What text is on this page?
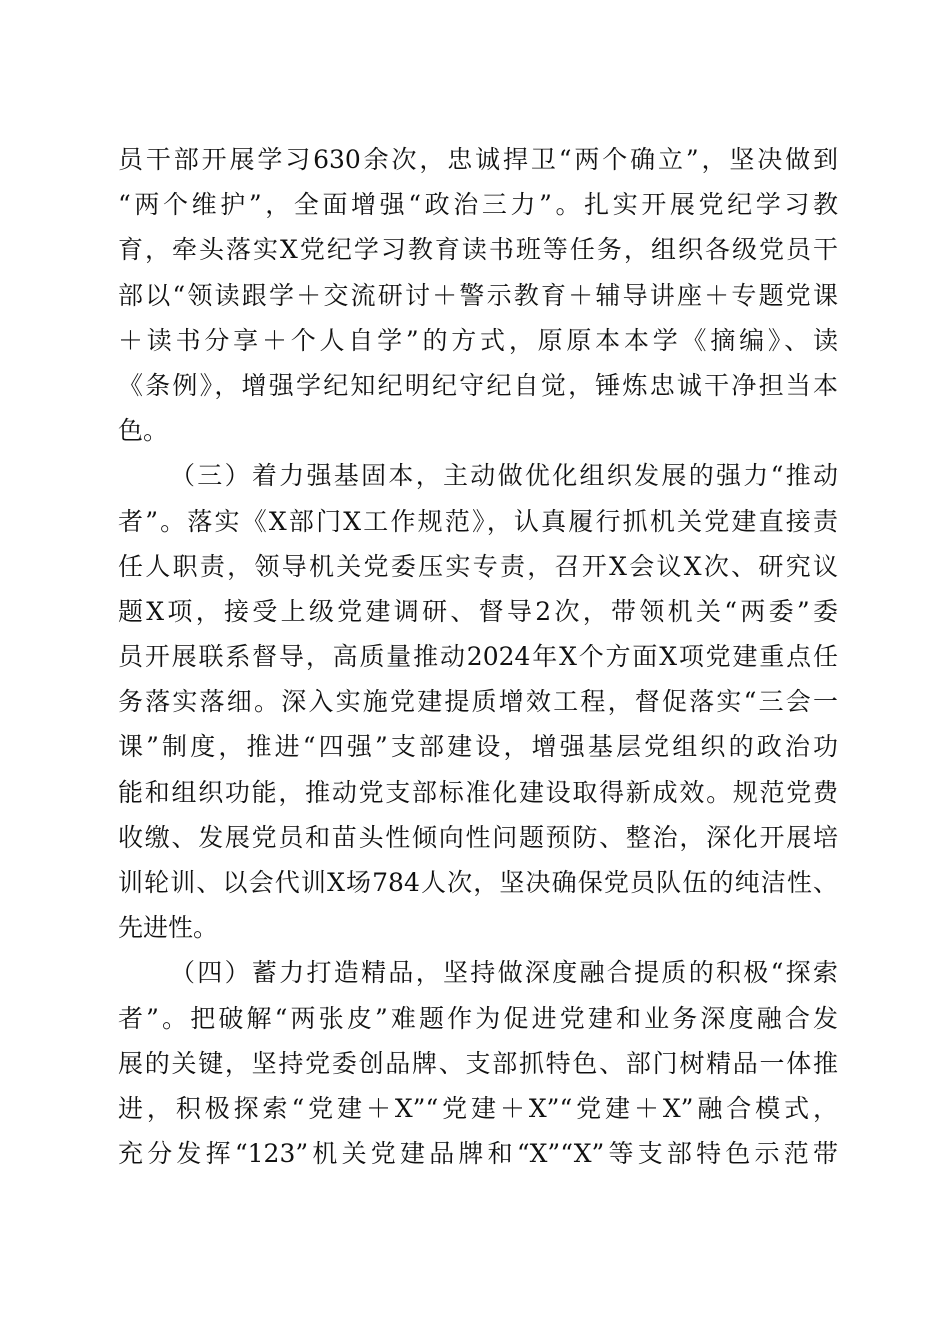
员干部开展学习630余次，忠诚捍卫“两个确立”，坚决做到
“两个维护”，全面增强“政治三力”。扎实开展党纪学习教
育，牵头落实X党纪学习教育读书班等任务，组织各级党员干
部以“领读跟学＋交流研讨＋警示教育＋辅导讲座＋专题党课
＋读书分享＋个人自学”的方式，原原本本学《摘编》、读
《条例》，增强学纪知纪明纪守纪自觉，锤炼忠诚干净担当本
色。
（三）着力强基固本，主动做优化组织发展的强力“推动
者”。落实《X部门X工作规范》，认真履行抓机关党建直接责
任人职责，领导机关党委压实专责，召开X会议X次、研究议
题X项，接受上级党建调研、督导2次，带领机关“两委”委
员开展联系督导，高质量推动2024年X个方面X项党建重点任
务落实落细。深入实施党建提质增效工程，督促落实“三会一
课”制度，推进“四强”支部建设，增强基层党组织的政治功
能和组织功能，推动党支部标准化建设取得新成效。规范党费
收缴、发展党员和苗头性倾向性问题预防、整治，深化开展培
训轮训、以会代训X场784人次，坚决确保党员队伍的纯洁性、
先进性。
（四）蓄力打造精品，坚持做深度融合提质的积极“探索
者”。把破解“两张皮”难题作为促进党建和业务深度融合发
展的关键，坚持党委创品牌、支部抓特色、部门树精品一体推
进，积极探索“党建＋X”“党建＋X”“党建＋X”融合模式，
充分发挥“123”机关党建品牌和“X”“X”等支部特色示范带
